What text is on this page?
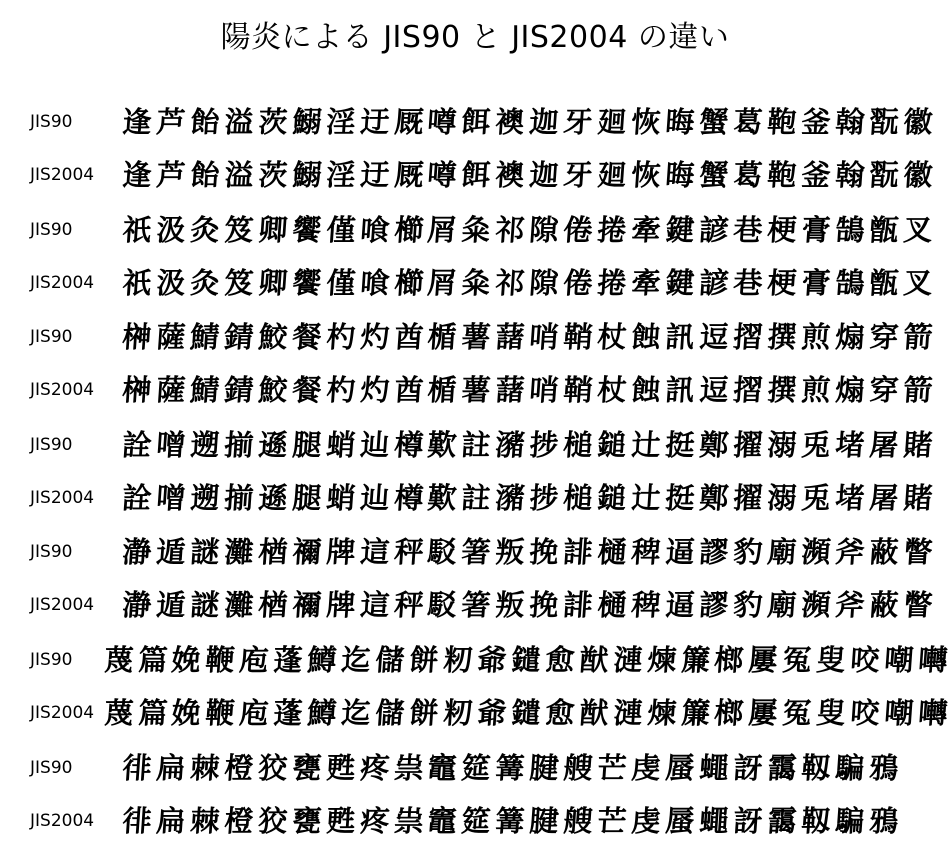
陽炎による JIS90 と JIS2004 の違い
JIS90	逢 芦 飴 溢 茨 鰯 淫 迂 厩 噂 餌 襖 迦 牙 廻 恢 晦 蟹 葛 鞄 釜 翰 翫 徽
JIS2004 逢 芦 飴 溢 茨 鰯 淫 迂 厩 噂 餌 襖 迦 牙 廻 恢 晦 蟹 葛 鞄 釜 翰 翫 徽
JIS90	祇 汲 灸 笈 卿 饗 僅 喰 櫛 屑 粂 祁 隙 倦 捲 牽 鍵 諺 巷 梗 膏 鵠 甑 叉
JIS2004 祇 汲 灸 笈 卿 饗 僅 喰 櫛 屑 粂 祁 隙 倦 捲 牽 鍵 諺 巷 梗 膏 鵠 甑 叉
JIS90	榊 薩 鯖 錆 鮫 餐 杓 灼 酋 楯 薯 藷 哨 鞘 杖 蝕 訊 逗 摺 撰 煎 煽 穿 箭
JIS2004 榊 薩 鯖 錆 鮫 餐 杓 灼 酋 楯 薯 藷 哨 鞘 杖 蝕 訊 逗 摺 撰 煎 煽 穿 箭
JIS90	詮 噌 遡 揃 遜 腿 蛸 辿 樽 歎 註 瀦 捗 槌 鎚 辻 挺 鄭 擢 溺 兎 堵 屠 賭
JIS2004 詮 噌 遡 揃 遜 腿 蛸 辿 樽 歎 註 瀦 捗 槌 鎚 辻 挺 鄭 擢 溺 兎 堵 屠 賭
JIS90	瀞 遁 謎 灘 楢 禰 牌 這 秤 駁 箸 叛 挽 誹 樋 稗 逼 謬 豹 廟 瀕 斧 蔽 瞥
JIS2004 瀞 遁 謎 灘 楢 禰 牌 這 秤 駁 箸 叛 挽 誹 樋 稗 逼 謬 豹 廟 瀕 斧 蔽 瞥
JIS90	蔑 篇 娩 鞭 庖 蓬 鱒 迄 儲 餅 籾 爺 鑓 愈 猷 漣 煉 簾 榔 屢 冤 叟 咬 嘲 囀
JIS2004 蔑 篇 娩 鞭 庖 蓬 鱒 迄 儲 餅 籾 爺 鑓 愈 猷 漣 煉 簾 榔 屢 冤 叟 咬 嘲 囀
JIS90	徘 扁 棘 橙 狡 甕 甦 疼 祟 竈 筵 篝 腱 艘 芒 虔 蜃 蠅 訝 靄 靱 騙 鴉
JIS2004 徘 扁 棘 橙 狡 甕 甦 疼 祟 竈 筵 篝 腱 艘 芒 虔 蜃 蠅 訝 靄 靱 騙 鴉
